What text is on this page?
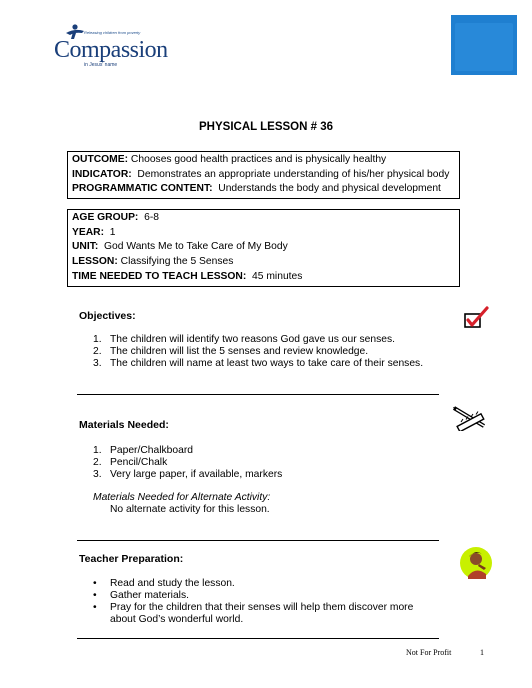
Releasing children from poverty
Compassion
in Jesus' name
PHYSICAL LESSON # 36
OUTCOME: Chooses good health practices and is physically healthy
INDICATOR:  Demonstrates an appropriate understanding of his/her physical body
PROGRAMMATIC CONTENT:  Understands the body and physical development
AGE GROUP:  6-8
YEAR:  1
UNIT:  God Wants Me to Take Care of My Body
LESSON: Classifying the 5 Senses
TIME NEEDED TO TEACH LESSON:  45 minutes
Objectives:
1. The children will identify two reasons God gave us our senses.
2. The children will list the 5 senses and review knowledge.
3. The children will name at least two ways to take care of their senses.
Materials Needed:
1. Paper/Chalkboard
2. Pencil/Chalk
3. Very large paper, if available, markers
Materials Needed for Alternate Activity:
No alternate activity for this lesson.
Teacher Preparation:
• Read and study the lesson.
• Gather materials.
• Pray for the children that their senses will help them discover more
about God’s wonderful world.
Not For Profit	1
